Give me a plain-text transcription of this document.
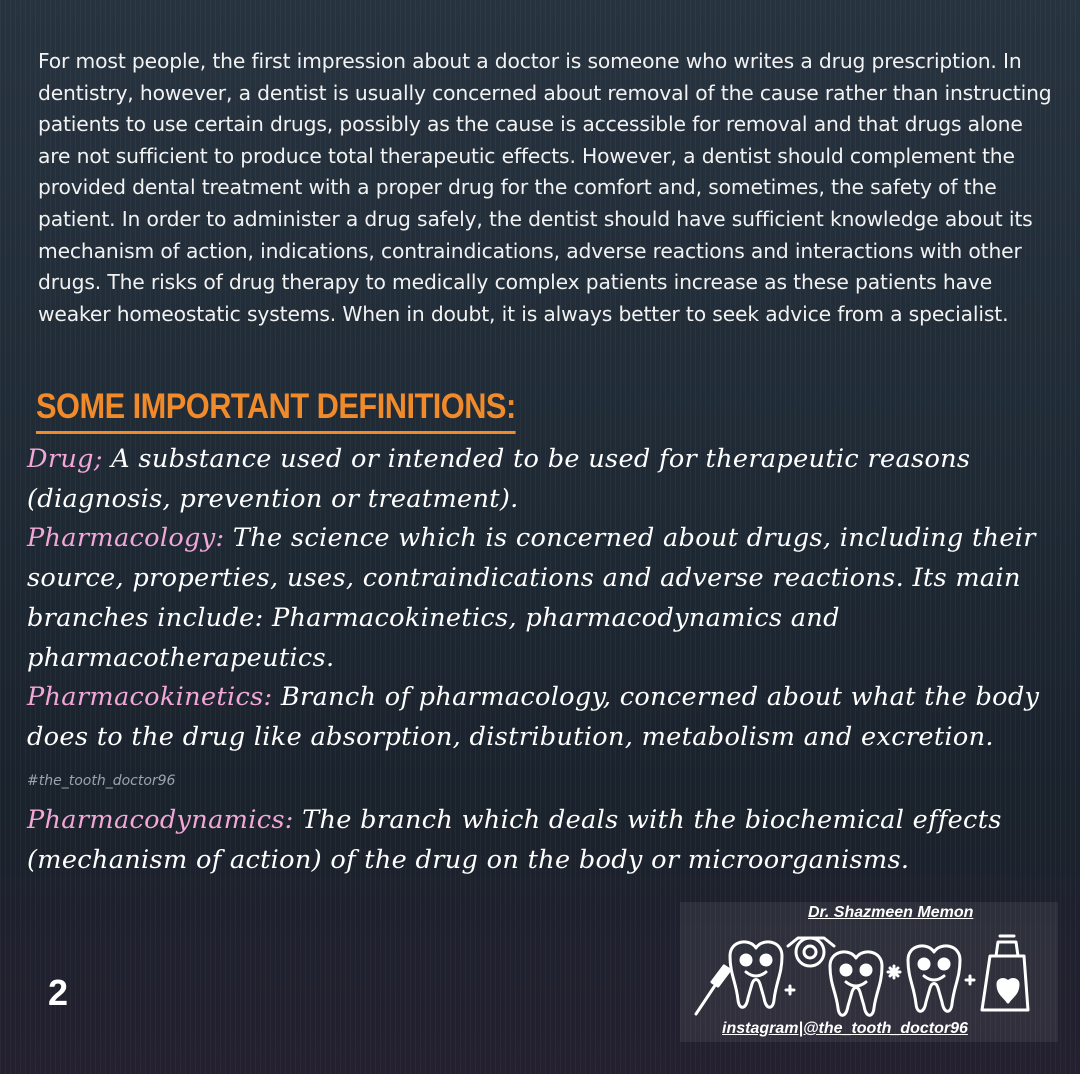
For most people, the first impression about a doctor is someone who writes a drug prescription. In dentistry, however, a dentist is usually concerned about removal of the cause rather than instructing patients to use certain drugs, possibly as the cause is accessible for removal and that drugs alone are not sufficient to produce total therapeutic effects. However, a dentist should complement the provided dental treatment with a proper drug for the comfort and, sometimes, the safety of the patient. In order to administer a drug safely, the dentist should have sufficient knowledge about its mechanism of action, indications, contraindications, adverse reactions and interactions with other drugs. The risks of drug therapy to medically complex patients increase as these patients have weaker homeostatic systems. When in doubt, it is always better to seek advice from a specialist.
SOME IMPORTANT DEFINITIONS:
Drug; A substance used or intended to be used for therapeutic reasons (diagnosis, prevention or treatment).
Pharmacology: The science which is concerned about drugs, including their source, properties, uses, contraindications and adverse reactions. Its main branches include: Pharmacokinetics, pharmacodynamics and pharmacotherapeutics.
Pharmacokinetics: Branch of pharmacology, concerned about what the body does to the drug like absorption, distribution, metabolism and excretion. #the_tooth_doctor96
Pharmacodynamics: The branch which deals with the biochemical effects (mechanism of action) of the drug on the body or microorganisms.
2
Dr. Shazmeen Memon
instagram|@the_tooth_doctor96
